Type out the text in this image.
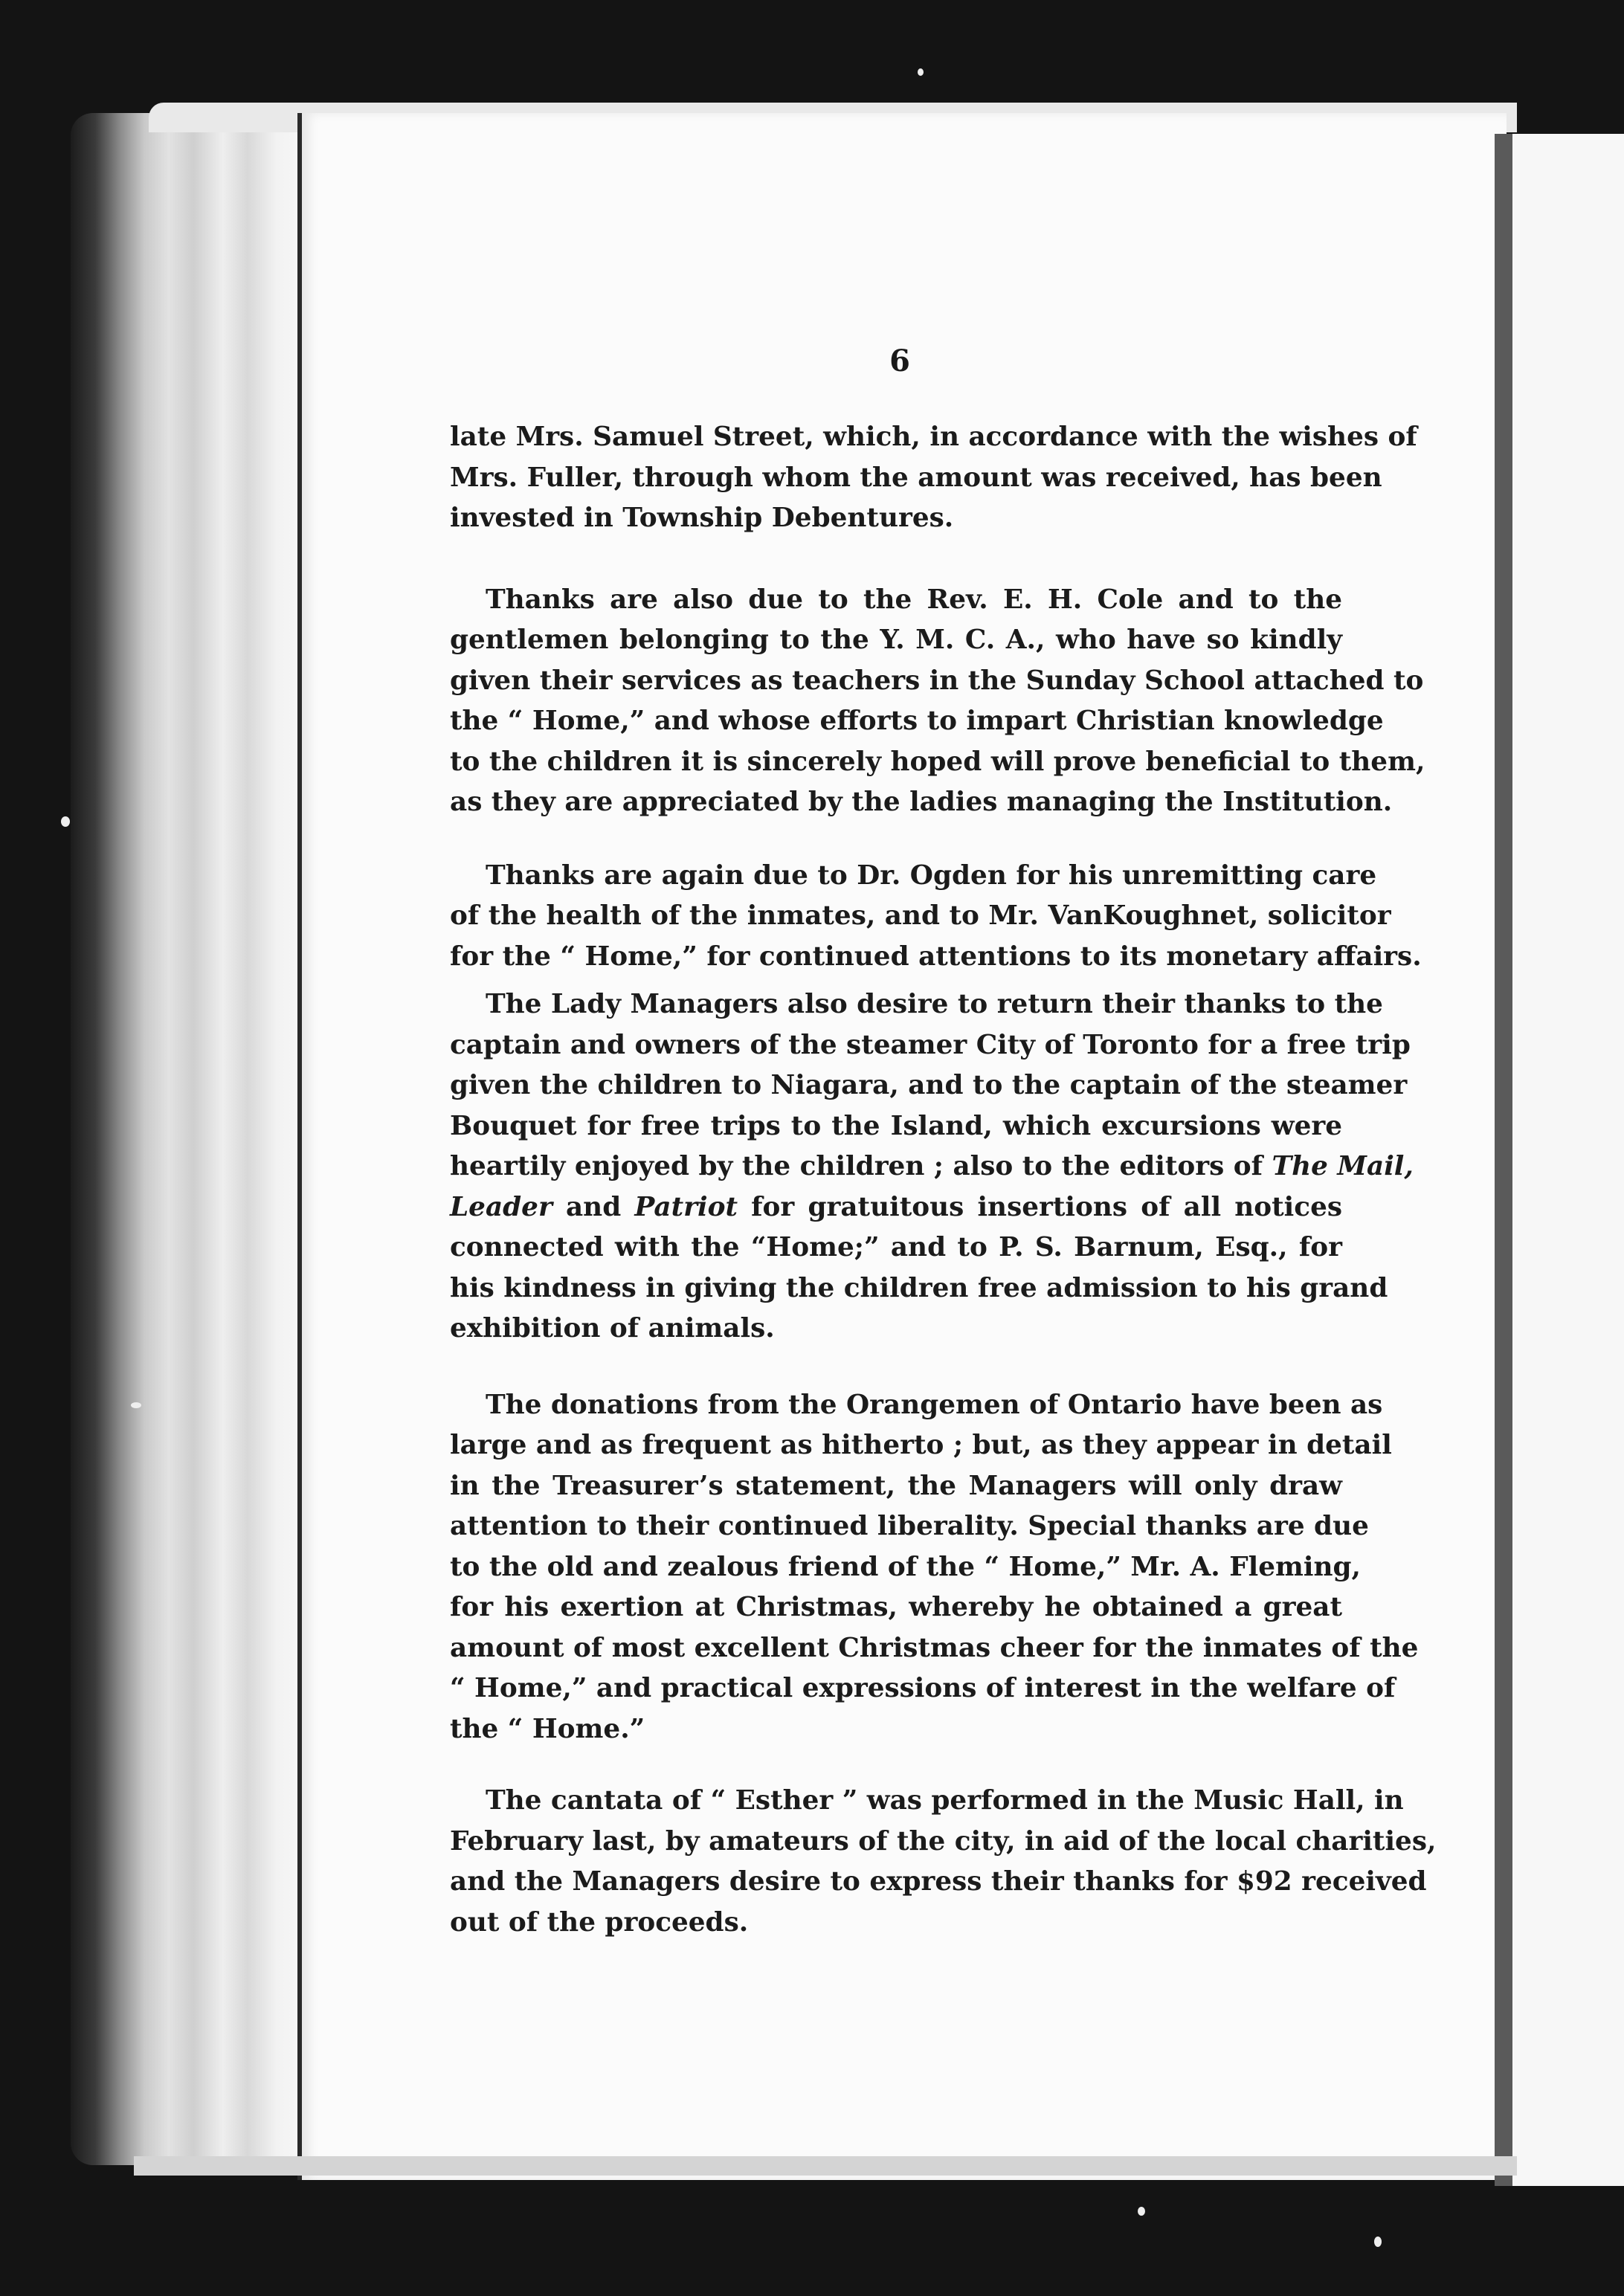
6

late Mrs. Samuel Street, which, in accordance with the wishes of
Mrs. Fuller, through whom the amount was received, has been
invested in Township Debentures.

Thanks are also due to the Rev. E. H. Cole and to the
gentlemen belonging to the Y. M. C. A., who have so kindly
given their services as teachers in the Sunday School attached to
the “ Home,” and whose efforts to impart Christian knowledge
to the children it is sincerely hoped will prove beneficial to them,
as they are appreciated by the ladies managing the Institution.

Thanks are again due to Dr. Ogden for his unremitting care
of the health of the inmates, and to Mr. VanKoughnet, solicitor
for the “ Home,” for continued attentions to its monetary affairs.

The Lady Managers also desire to return their thanks to the
captain and owners of the steamer City of Toronto for a free trip
given the children to Niagara, and to the captain of the steamer
Bouquet for free trips to the Island, which excursions were
heartily enjoyed by the children ; also to the editors of The Mail,
Leader and Patriot for gratuitous insertions of all notices
connected with the “Home;” and to P. S. Barnum, Esq., for
his kindness in giving the children free admission to his grand
exhibition of animals.

The donations from the Orangemen of Ontario have been as
large and as frequent as hitherto ; but, as they appear in detail
in the Treasurer’s statement, the Managers will only draw
attention to their continued liberality. Special thanks are due
to the old and zealous friend of the “ Home,” Mr. A. Fleming,
for his exertion at Christmas, whereby he obtained a great
amount of most excellent Christmas cheer for the inmates of the
“ Home,” and practical expressions of interest in the welfare of
the “ Home.”

The cantata of “ Esther ” was performed in the Music Hall, in
February last, by amateurs of the city, in aid of the local charities,
and the Managers desire to express their thanks for $92 received
out of the proceeds.
